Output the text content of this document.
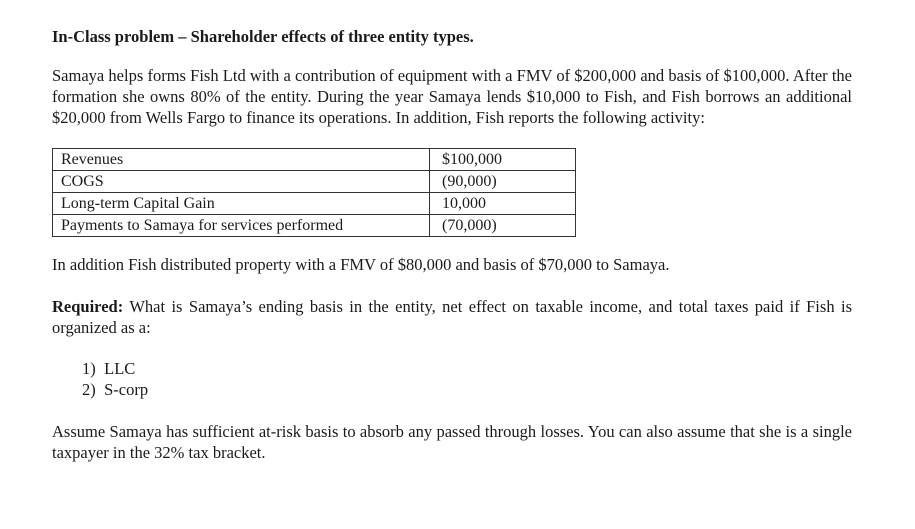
In-Class problem – Shareholder effects of three entity types.

Samaya helps forms Fish Ltd with a contribution of equipment with a FMV of $200,000 and basis of $100,000. After the formation she owns 80% of the entity. During the year Samaya lends $10,000 to Fish, and Fish borrows an additional $20,000 from Wells Fargo to finance its operations. In addition, Fish reports the following activity:

Revenues	$100,000
COGS	(90,000)
Long-term Capital Gain	10,000
Payments to Samaya for services performed	(70,000)

In addition Fish distributed property with a FMV of $80,000 and basis of $70,000 to Samaya.

Required: What is Samaya’s ending basis in the entity, net effect on taxable income, and total taxes paid if Fish is organized as a:

1) LLC
2) S-corp

Assume Samaya has sufficient at-risk basis to absorb any passed through losses. You can also assume that she is a single taxpayer in the 32% tax bracket.
